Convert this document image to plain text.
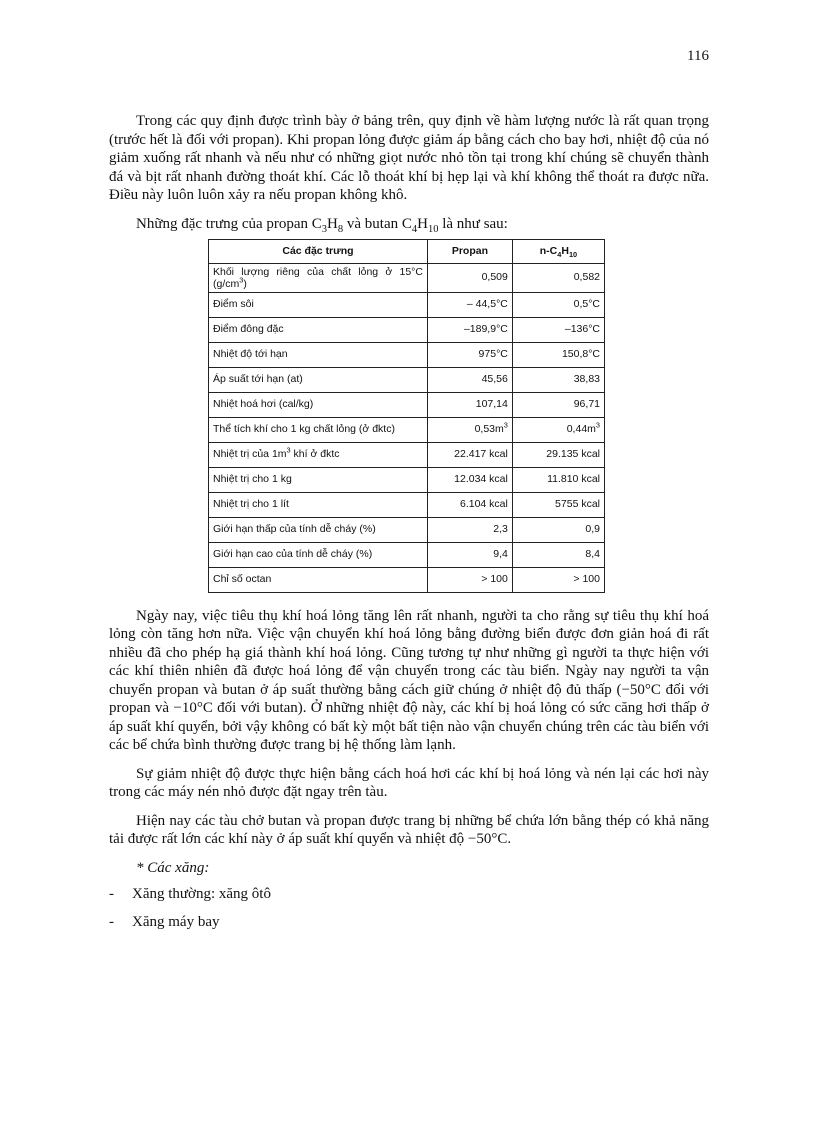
116

Trong các quy định được trình bày ở bảng trên, quy định về hàm lượng nước là rất quan trọng (trước hết là đối với propan). Khi propan lỏng được giảm áp bằng cách cho bay hơi, nhiệt độ của nó giảm xuống rất nhanh và nếu như có những giọt nước nhỏ tồn tại trong khí chúng sẽ chuyển thành đá và bịt rất nhanh đường thoát khí. Các lỗ thoát khí bị hẹp lại và khí không thể thoát ra được nữa. Điều này luôn luôn xảy ra nếu propan không khô.

Những đặc trưng của propan $C_3H_8$ và butan $C_4H_{10}$ là như sau:

Các đặc trưng	Propan	$n-C_4H_{10}$
Khối lượng riêng của chất lỏng ở 15°C $(g/cm^3)$	0,509	0,582
Điểm sôi	– 44,5°C	0,5°C
Điểm đông đặc	–189,9°C	–136°C
Nhiệt độ tới hạn	975°C	150,8°C
Áp suất tới hạn (at)	45,56	38,83
Nhiệt hoá hơi (cal/kg)	107,14	96,71
Thể tích khí cho 1 kg chất lỏng (ở đktc)	$0,53m^3$	$0,44m^3$
Nhiệt trị của $1m^3$ khí ở đktc	22.417 kcal	29.135 kcal
Nhiệt trị cho 1 kg	12.034 kcal	11.810 kcal
Nhiệt trị cho 1 lít	6.104 kcal	5755 kcal
Giới hạn thấp của tính dễ cháy (%)	2,3	0,9
Giới hạn cao của tính dễ cháy (%)	9,4	8,4
Chỉ số octan	> 100	> 100

Ngày nay, việc tiêu thụ khí hoá lỏng tăng lên rất nhanh, người ta cho rằng sự tiêu thụ khí hoá lỏng còn tăng hơn nữa. Việc vận chuyển khí hoá lỏng bằng đường biển được đơn giản hoá đi rất nhiều đã cho phép hạ giá thành khí hoá lỏng. Cũng tương tự như những gì người ta thực hiện với các khí thiên nhiên đã được hoá lỏng để vận chuyển trong các tàu biển. Ngày nay người ta vận chuyển propan và butan ở áp suất thường bằng cách giữ chúng ở nhiệt độ đủ thấp (−50°C đối với propan và −10°C đối với butan). Ở những nhiệt độ này, các khí bị hoá lỏng có sức căng hơi thấp ở áp suất khí quyển, bởi vậy không có bất kỳ một bất tiện nào vận chuyển chúng trên các tàu biển với các bể chứa bình thường được trang bị hệ thống làm lạnh.

Sự giảm nhiệt độ được thực hiện bằng cách hoá hơi các khí bị hoá lỏng và nén lại các hơi này trong các máy nén nhỏ được đặt ngay trên tàu.

Hiện nay các tàu chở butan và propan được trang bị những bể chứa lớn bằng thép có khả năng tải được rất lớn các khí này ở áp suất khí quyển và nhiệt độ −50°C.

* Các xăng:

-	Xăng thường: xăng ôtô
-	Xăng máy bay
